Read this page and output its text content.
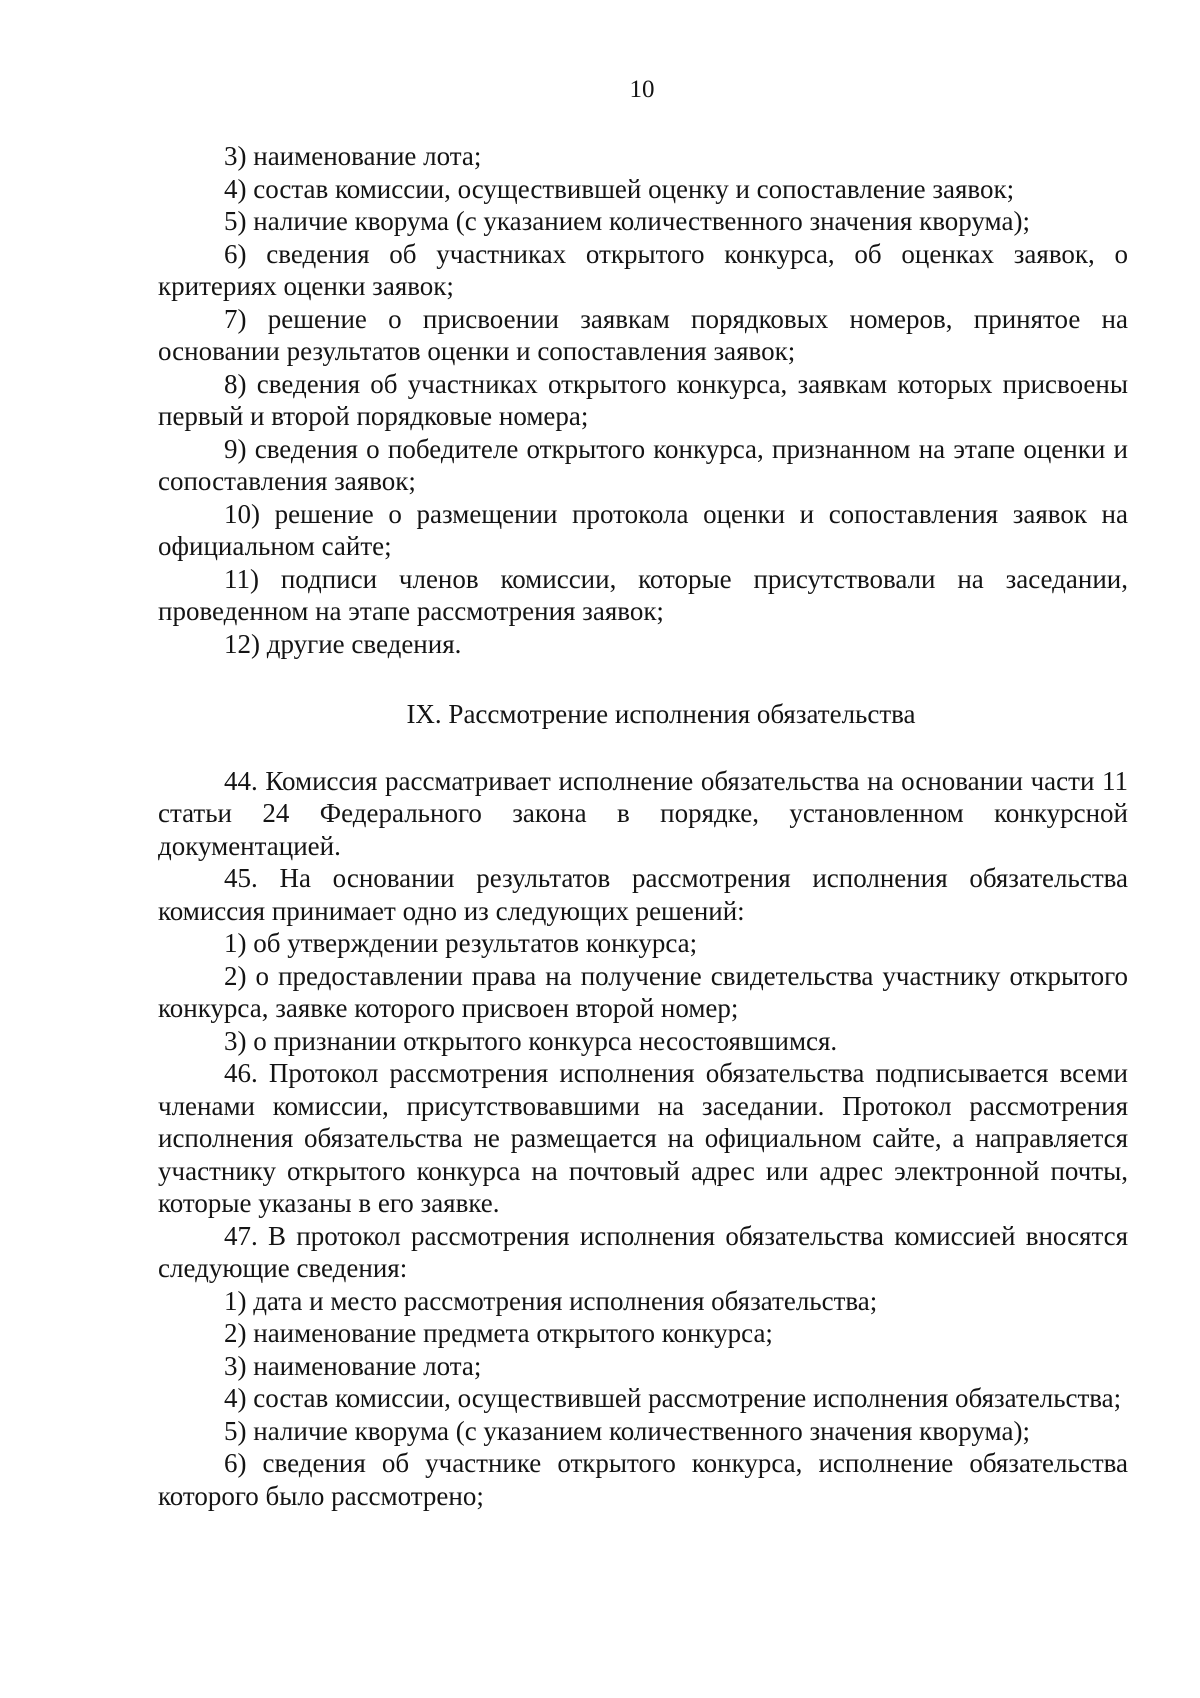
10

3) наименование лота;

4) состав комиссии, осуществившей оценку и сопоставление заявок;

5) наличие кворума (с указанием количественного значения кворума);

6) сведения об участниках открытого конкурса, об оценках заявок, о критериях оценки заявок;

7) решение о присвоении заявкам порядковых номеров, принятое на основании результатов оценки и сопоставления заявок;

8) сведения об участниках открытого конкурса, заявкам которых присвоены первый и второй порядковые номера;

9) сведения о победителе открытого конкурса, признанном на этапе оценки и сопоставления заявок;

10) решение о размещении протокола оценки и сопоставления заявок на официальном сайте;

11) подписи членов комиссии, которые присутствовали на заседании, проведенном на этапе рассмотрения заявок;

12) другие сведения.

IX. Рассмотрение исполнения обязательства

44. Комиссия рассматривает исполнение обязательства на основании части 11 статьи 24 Федерального закона в порядке, установленном конкурсной документацией.

45. На основании результатов рассмотрения исполнения обязательства комиссия принимает одно из следующих решений:

1) об утверждении результатов конкурса;

2) о предоставлении права на получение свидетельства участнику открытого конкурса, заявке которого присвоен второй номер;

3) о признании открытого конкурса несостоявшимся.

46. Протокол рассмотрения исполнения обязательства подписывается всеми членами комиссии, присутствовавшими на заседании. Протокол рассмотрения исполнения обязательства не размещается на официальном сайте, а направляется участнику открытого конкурса на почтовый адрес или адрес электронной почты, которые указаны в его заявке.

47. В протокол рассмотрения исполнения обязательства комиссией вносятся следующие сведения:

1) дата и место рассмотрения исполнения обязательства;

2) наименование предмета открытого конкурса;

3) наименование лота;

4) состав комиссии, осуществившей рассмотрение исполнения обязательства;

5) наличие кворума (с указанием количественного значения кворума);

6) сведения об участнике открытого конкурса, исполнение обязательства которого было рассмотрено;
